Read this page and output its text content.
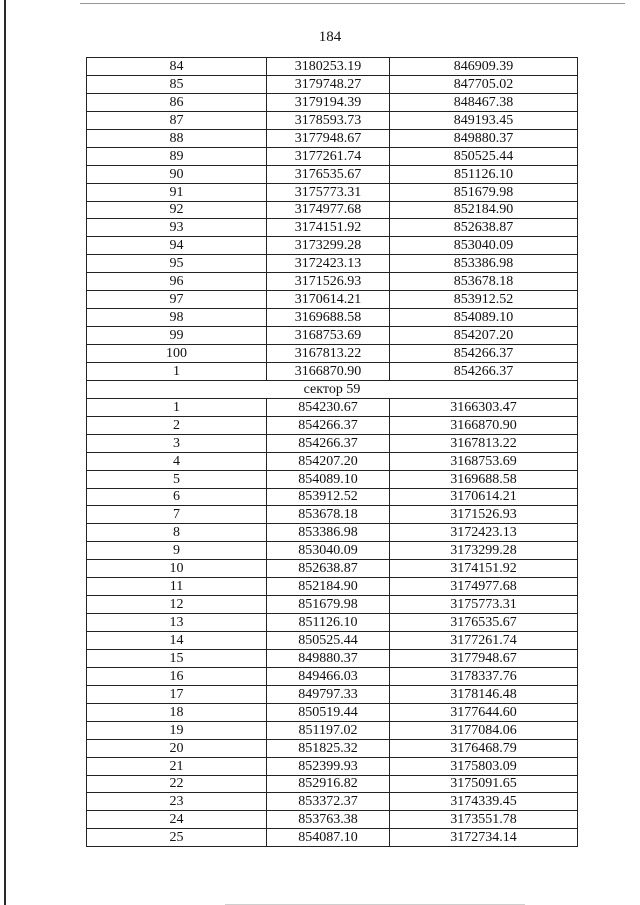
184
84	3180253.19	846909.39
85	3179748.27	847705.02
86	3179194.39	848467.38
87	3178593.73	849193.45
88	3177948.67	849880.37
89	3177261.74	850525.44
90	3176535.67	851126.10
91	3175773.31	851679.98
92	3174977.68	852184.90
93	3174151.92	852638.87
94	3173299.28	853040.09
95	3172423.13	853386.98
96	3171526.93	853678.18
97	3170614.21	853912.52
98	3169688.58	854089.10
99	3168753.69	854207.20
100	3167813.22	854266.37
1	3166870.90	854266.37
сектор 59		
1	854230.67	3166303.47
2	854266.37	3166870.90
3	854266.37	3167813.22
4	854207.20	3168753.69
5	854089.10	3169688.58
6	853912.52	3170614.21
7	853678.18	3171526.93
8	853386.98	3172423.13
9	853040.09	3173299.28
10	852638.87	3174151.92
11	852184.90	3174977.68
12	851679.98	3175773.31
13	851126.10	3176535.67
14	850525.44	3177261.74
15	849880.37	3177948.67
16	849466.03	3178337.76
17	849797.33	3178146.48
18	850519.44	3177644.60
19	851197.02	3177084.06
20	851825.32	3176468.79
21	852399.93	3175803.09
22	852916.82	3175091.65
23	853372.37	3174339.45
24	853763.38	3173551.78
25	854087.10	3172734.14
